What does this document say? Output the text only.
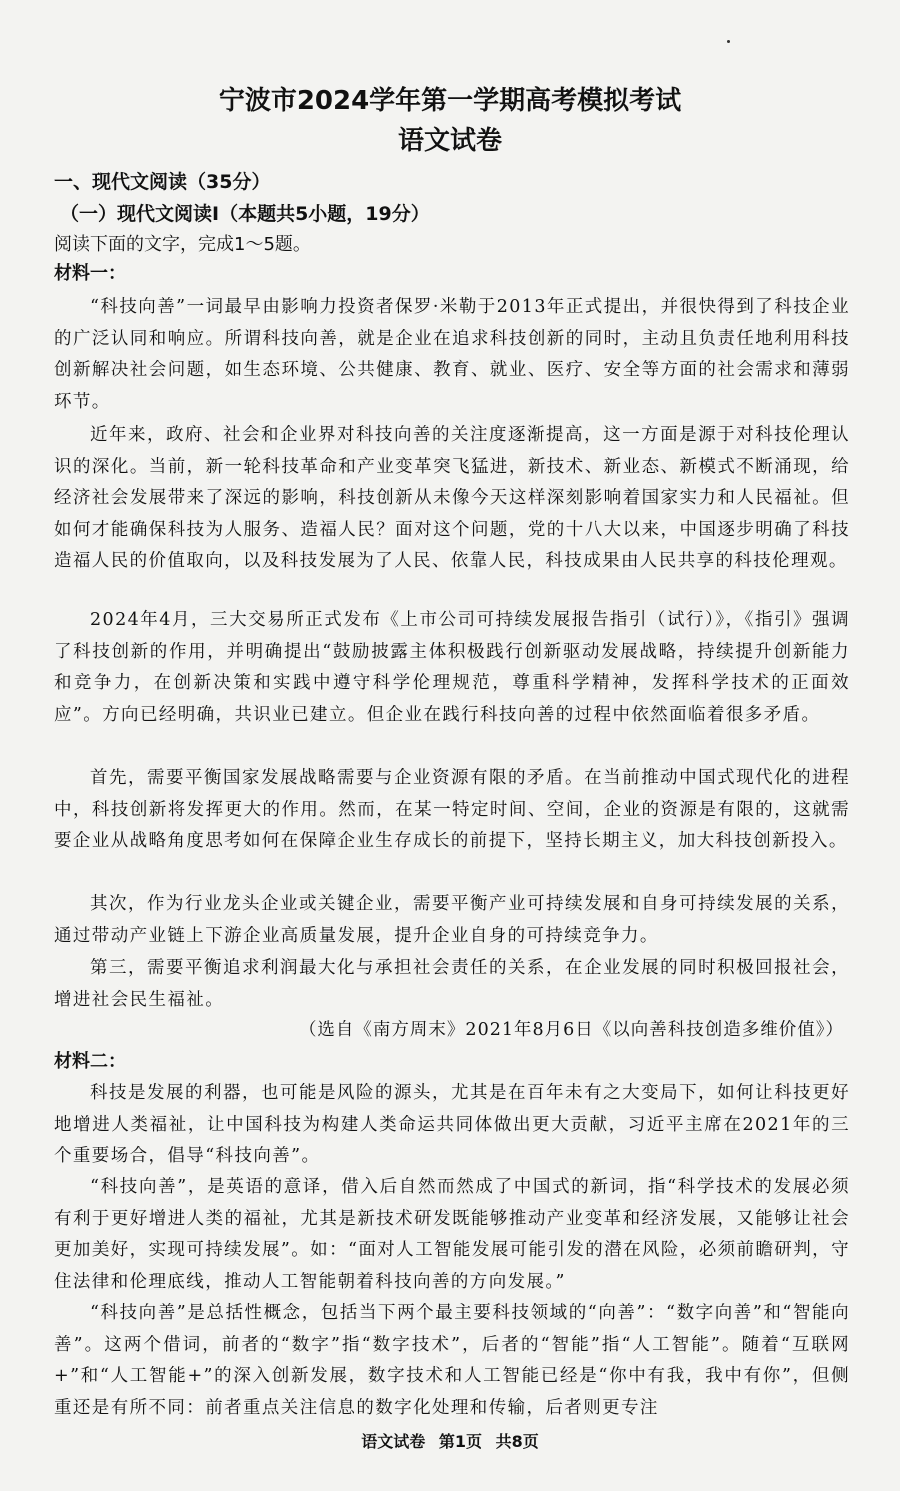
宁波市2024学年第一学期高考模拟考试
语文试卷
一、现代文阅读（35分）
（一）现代文阅读Ⅰ（本题共5小题，19分）
阅读下面的文字，完成1～5题。
材料一：

“科技向善”一词最早由影响力投资者保罗·米勒于2013年正式提出，并很快得到了科技企业的广泛认同和响应。所谓科技向善，就是企业在追求科技创新的同时，主动且负责任地利用科技创新解决社会问题，如生态环境、公共健康、教育、就业、医疗、安全等方面的社会需求和薄弱环节。

近年来，政府、社会和企业界对科技向善的关注度逐渐提高，这一方面是源于对科技伦理认识的深化。当前，新一轮科技革命和产业变革突飞猛进，新技术、新业态、新模式不断涌现，给经济社会发展带来了深远的影响，科技创新从未像今天这样深刻影响着国家实力和人民福祉。但如何才能确保科技为人服务、造福人民？面对这个问题，党的十八大以来，中国逐步明确了科技造福人民的价值取向，以及科技发展为了人民、依靠人民，科技成果由人民共享的科技伦理观。

2024年4月，三大交易所正式发布《上市公司可持续发展报告指引（试行）》，《指引》强调了科技创新的作用，并明确提出“鼓励披露主体积极践行创新驱动发展战略，持续提升创新能力和竞争力，在创新决策和实践中遵守科学伦理规范，尊重科学精神，发挥科学技术的正面效应”。方向已经明确，共识业已建立。但企业在践行科技向善的过程中依然面临着很多矛盾。

首先，需要平衡国家发展战略需要与企业资源有限的矛盾。在当前推动中国式现代化的进程中，科技创新将发挥更大的作用。然而，在某一特定时间、空间，企业的资源是有限的，这就需要企业从战略角度思考如何在保障企业生存成长的前提下，坚持长期主义，加大科技创新投入。

其次，作为行业龙头企业或关键企业，需要平衡产业可持续发展和自身可持续发展的关系，通过带动产业链上下游企业高质量发展，提升企业自身的可持续竞争力。

第三，需要平衡追求利润最大化与承担社会责任的关系，在企业发展的同时积极回报社会，增进社会民生福祉。

（选自《南方周末》2021年8月6日《以向善科技创造多维价值》）
材料二：

科技是发展的利器，也可能是风险的源头，尤其是在百年未有之大变局下，如何让科技更好地增进人类福祉，让中国科技为构建人类命运共同体做出更大贡献，习近平主席在2021年的三个重要场合，倡导“科技向善”。

“科技向善”，是英语的意译，借入后自然而然成了中国式的新词，指“科学技术的发展必须有利于更好增进人类的福祉，尤其是新技术研发既能够推动产业变革和经济发展，又能够让社会更加美好，实现可持续发展”。如：“面对人工智能发展可能引发的潜在风险，必须前瞻研判，守住法律和伦理底线，推动人工智能朝着科技向善的方向发展。”

“科技向善”是总括性概念，包括当下两个最主要科技领域的“向善”：“数字向善”和“智能向善”。这两个借词，前者的“数字”指“数字技术”，后者的“智能”指“人工智能”。随着“互联网+”和“人工智能+”的深入创新发展，数字技术和人工智能已经是“你中有我，我中有你”，但侧重还是有所不同：前者重点关注信息的数字化处理和传输，后者则更专注

语文试卷 第1页 共8页
